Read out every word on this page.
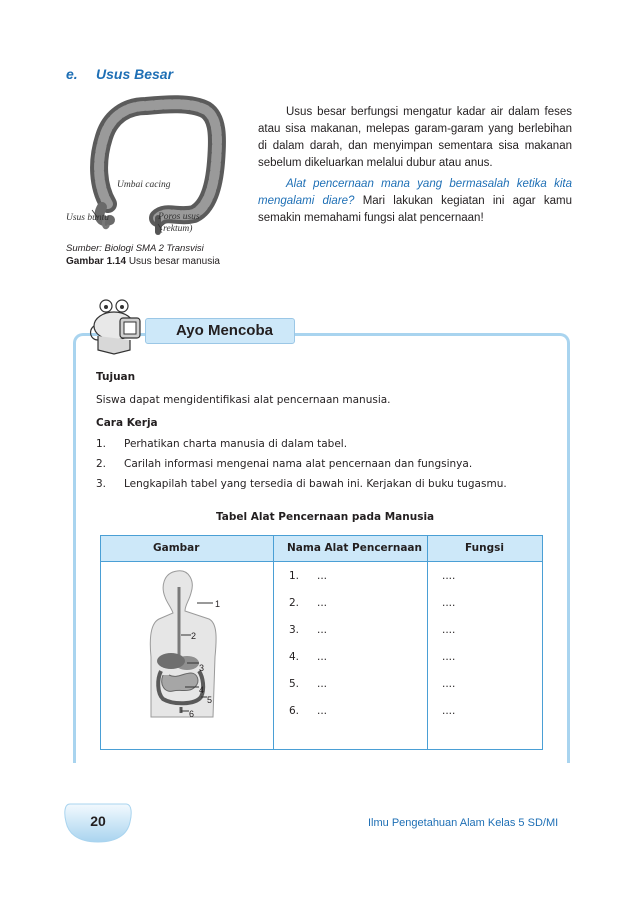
e. Usus Besar
Umbai cacing
Usus buntu	Poros usus
(rektum)
Sumber: Biologi SMA 2 Transvisi
Gambar 1.14 Usus besar manusia

Usus besar berfungsi mengatur kadar air dalam feses atau sisa makanan, melepas garam-garam yang berlebihan di dalam darah, dan menyimpan sementara sisa makanan sebelum dikeluarkan melalui dubur atau anus.

Alat pencernaan mana yang bermasalah ketika kita mengalami diare? Mari lakukan kegiatan ini agar kamu semakin memahami fungsi alat pencernaan!

Ayo Mencoba
Tujuan
Siswa dapat mengidentifikasi alat pencernaan manusia.
Cara Kerja
1. Perhatikan charta manusia di dalam tabel.
2. Carilah informasi mengenai nama alat pencernaan dan fungsinya.
3. Lengkapilah tabel yang tersedia di bawah ini. Kerjakan di buku tugasmu.
Tabel Alat Pencernaan pada Manusia
Gambar	Nama Alat Pencernaan	Fungsi
1. ...	....
2. ...	....
3. ...	....
4. ...	....
5. ...	....
6. ...	....
1
2
3
4
5
6
20	Ilmu Pengetahuan Alam Kelas 5 SD/MI
